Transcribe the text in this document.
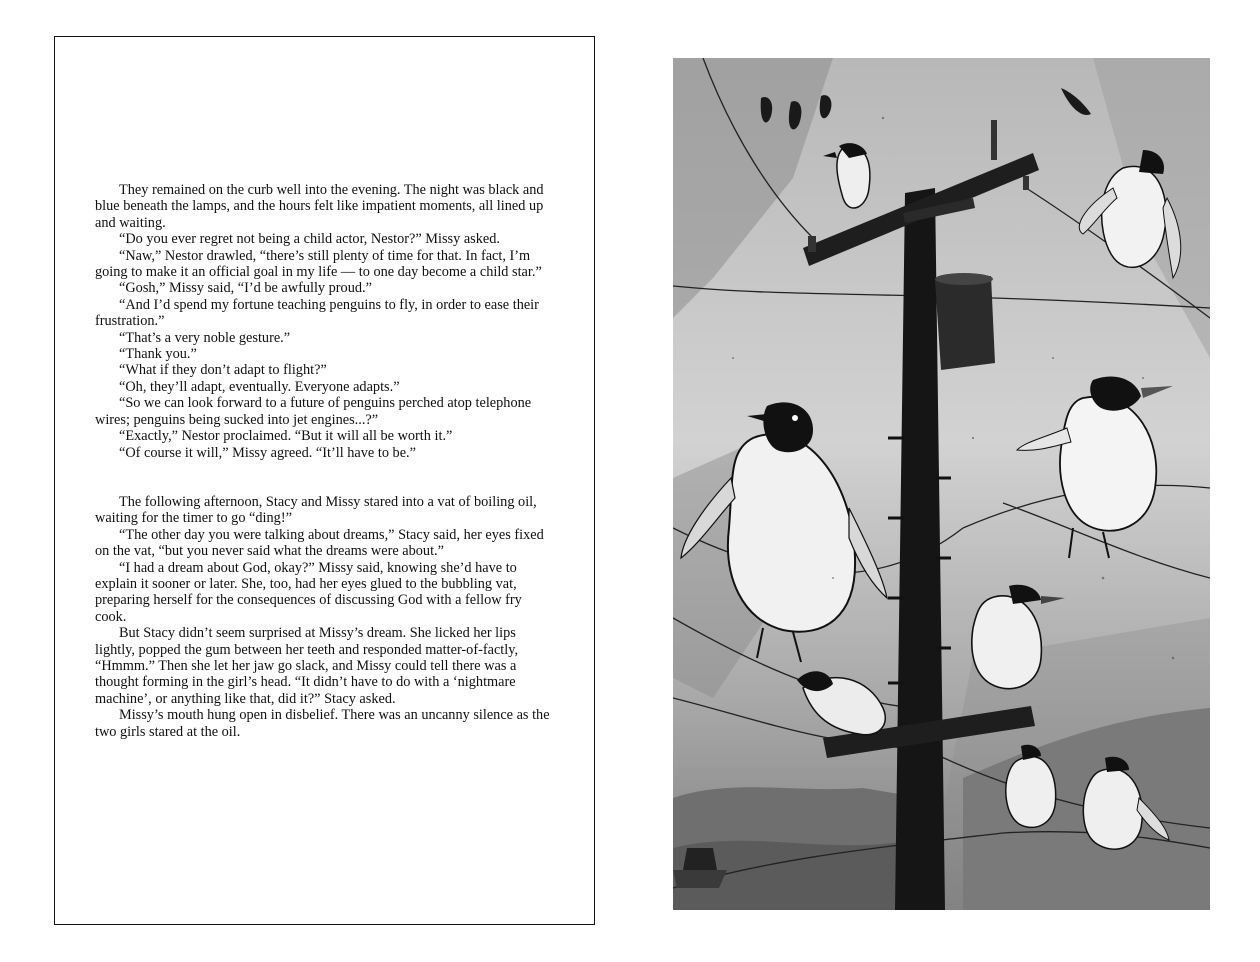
They remained on the curb well into the evening. The night was black and blue beneath the lamps, and the hours felt like impatient moments, all lined up and waiting.

“Do you ever regret not being a child actor, Nestor?” Missy asked.

“Naw,” Nestor drawled, “there’s still plenty of time for that. In fact, I’m going to make it an official goal in my life — to one day become a child star.”

“Gosh,” Missy said, “I’d be awfully proud.”

“And I’d spend my fortune teaching penguins to fly, in order to ease their frustration.”

“That’s a very noble gesture.”

“Thank you.”

“What if they don’t adapt to flight?”

“Oh, they’ll adapt, eventually. Everyone adapts.”

“So we can look forward to a future of penguins perched atop telephone wires; penguins being sucked into jet engines...?”

“Exactly,” Nestor proclaimed. “But it will all be worth it.”

“Of course it will,” Missy agreed. “It’ll have to be.”

The following afternoon, Stacy and Missy stared into a vat of boiling oil, waiting for the timer to go “ding!”

“The other day you were talking about dreams,” Stacy said, her eyes fixed on the vat, “but you never said what the dreams were about.”

“I had a dream about God, okay?” Missy said, knowing she’d have to explain it sooner or later. She, too, had her eyes glued to the bubbling vat, preparing herself for the consequences of discussing God with a fellow fry cook.

But Stacy didn’t seem surprised at Missy’s dream. She licked her lips lightly, popped the gum between her teeth and responded matter-of-factly, “Hmmm.” Then she let her jaw go slack, and Missy could tell there was a thought forming in the girl’s head. “It didn’t have to do with a ‘nightmare machine’, or anything like that, did it?” Stacy asked.

Missy’s mouth hung open in disbelief. There was an uncanny silence as the two girls stared at the oil.
